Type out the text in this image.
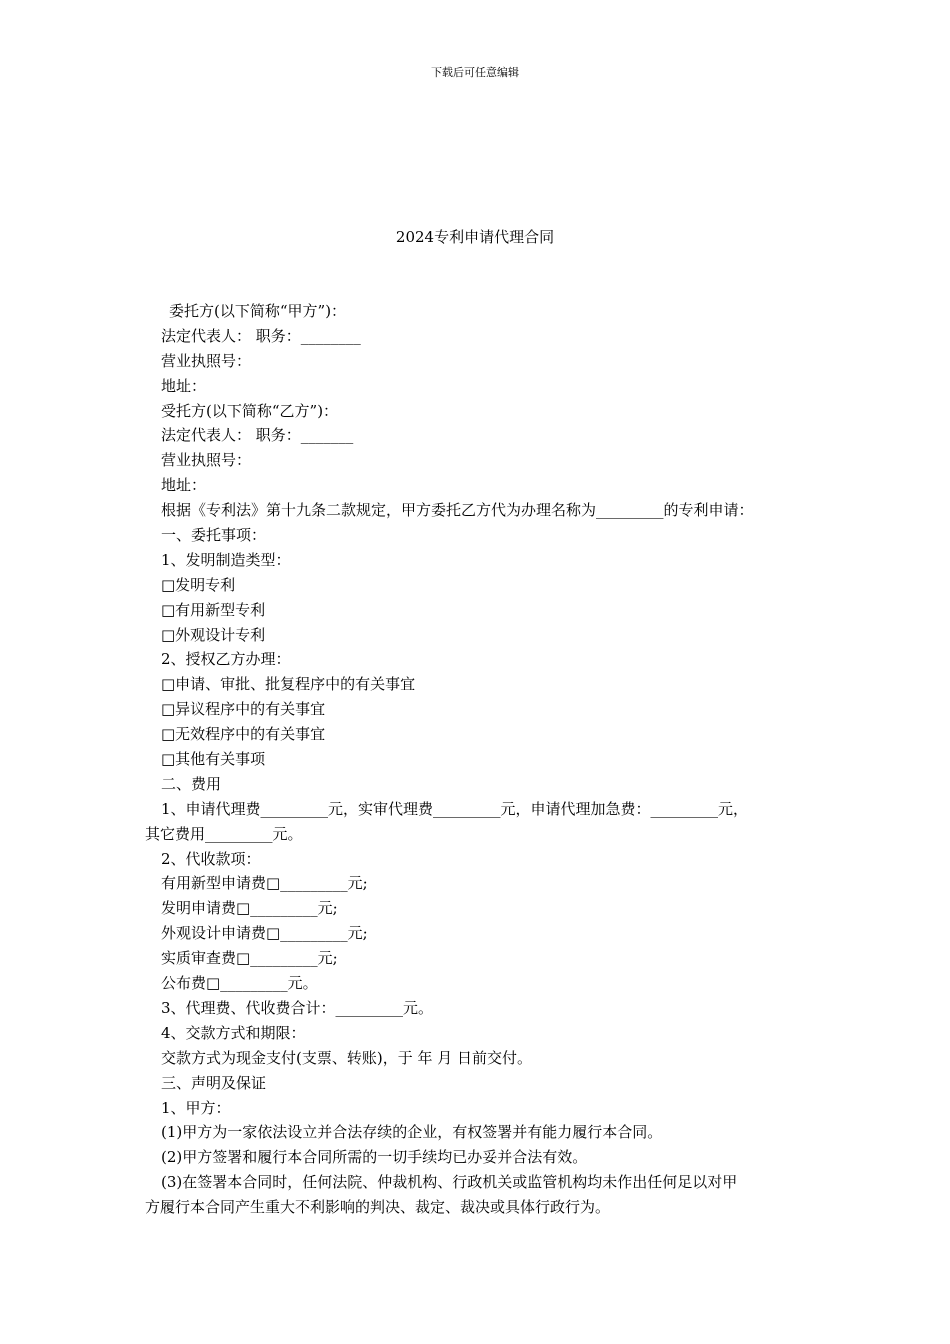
下载后可任意编辑
2024专利申请代理合同
委托方(以下简称“甲方”)：
法定代表人： 职务：________
营业执照号：
地址：
受托方(以下简称“乙方”)：
法定代表人： 职务：_______
营业执照号：
地址：
根据《专利法》第十九条二款规定，甲方委托乙方代为办理名称为_________的专利申请：
一、委托事项：
1、发明制造类型：
□发明专利
□有用新型专利
□外观设计专利
2、授权乙方办理：
□申请、审批、批复程序中的有关事宜
□异议程序中的有关事宜
□无效程序中的有关事宜
□其他有关事项
二、费用
1、申请代理费_________元，实审代理费_________元，申请代理加急费：_________元，
其它费用_________元。
2、代收款项：
有用新型申请费□_________元;
发明申请费□_________元;
外观设计申请费□_________元;
实质审查费□_________元;
公布费□_________元。
3、代理费、代收费合计：_________元。
4、交款方式和期限：
交款方式为现金支付(支票、转账)，于 年 月 日前交付。
三、声明及保证
1、甲方：
(1)甲方为一家依法设立并合法存续的企业，有权签署并有能力履行本合同。
(2)甲方签署和履行本合同所需的一切手续均已办妥并合法有效。
(3)在签署本合同时，任何法院、仲裁机构、行政机关或监管机构均未作出任何足以对甲
方履行本合同产生重大不利影响的判决、裁定、裁决或具体行政行为。
